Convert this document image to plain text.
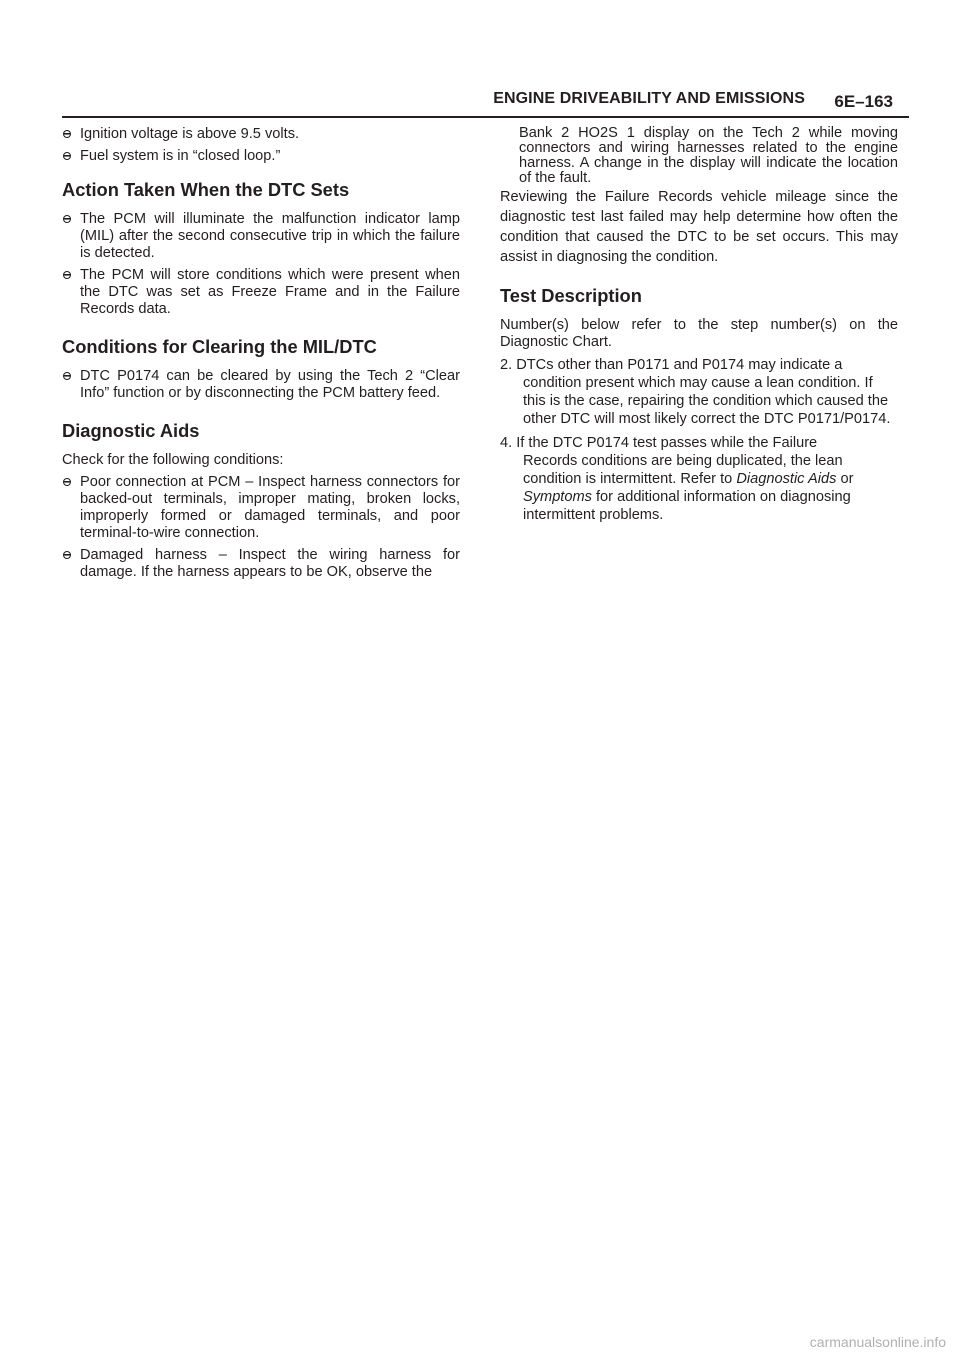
ENGINE DRIVEABILITY AND EMISSIONS 6E–163
Ignition voltage is above 9.5 volts.
Fuel system is in “closed loop.”
Action Taken When the DTC Sets
The PCM will illuminate the malfunction indicator lamp (MIL) after the second consecutive trip in which the failure is detected.
The PCM will store conditions which were present when the DTC was set as Freeze Frame and in the Failure Records data.
Conditions for Clearing the MIL/DTC
DTC P0174 can be cleared by using the Tech 2 “Clear Info” function or by disconnecting the PCM battery feed.
Diagnostic Aids
Check for the following conditions:
Poor connection at PCM – Inspect harness connectors for backed-out terminals, improper mating, broken locks, improperly formed or damaged terminals, and poor terminal-to-wire connection.
Damaged harness – Inspect the wiring harness for damage. If the harness appears to be OK, observe the
Bank 2 HO2S 1 display on the Tech 2 while moving connectors and wiring harnesses related to the engine harness. A change in the display will indicate the location of the fault.
Reviewing the Failure Records vehicle mileage since the diagnostic test last failed may help determine how often the condition that caused the DTC to be set occurs. This may assist in diagnosing the condition.
Test Description
Number(s) below refer to the step number(s) on the Diagnostic Chart.
2. DTCs other than P0171 and P0174 may indicate a
condition present which may cause a lean condition. If this is the case, repairing the condition which caused the other DTC will most likely correct the DTC P0171/P0174.
4. If the DTC P0174 test passes while the Failure
Records conditions are being duplicated, the lean condition is intermittent. Refer to Diagnostic Aids or Symptoms for additional information on diagnosing intermittent problems.
carmanualsonline.info
